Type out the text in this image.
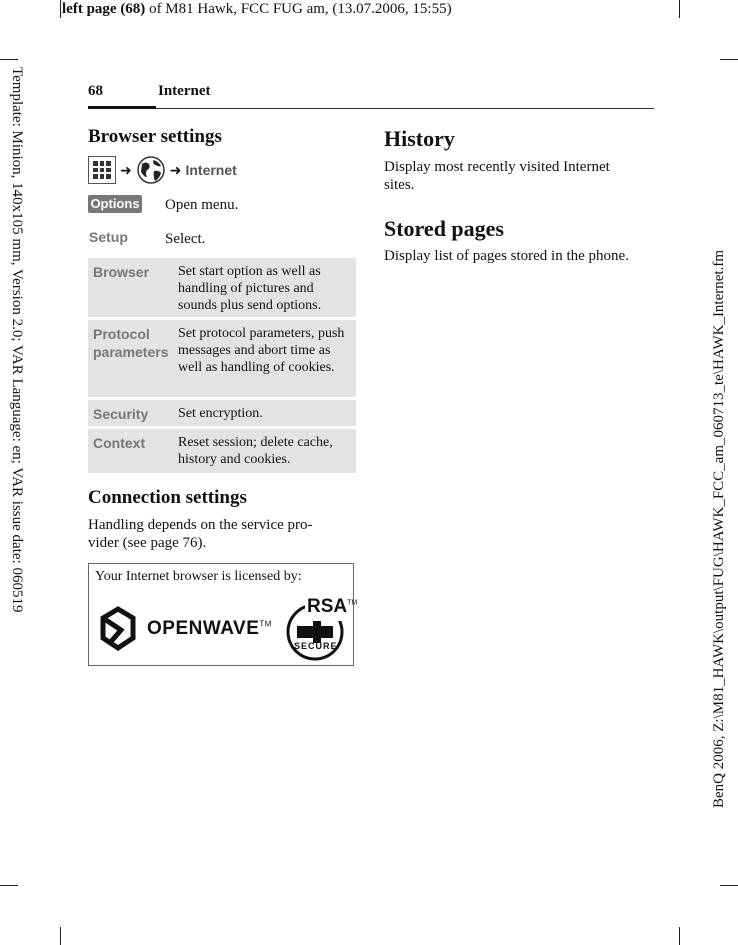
left page (68) of M81 Hawk, FCC FUG am, (13.07.2006, 15:55)
Template: Minion, 140x105 mm, Version 2.0; VAR Language: en; VAR issue date: 060519	BenQ 2006, Z:\M81_HAWK\output\FUG\HAWK_FCC_am_060713_te\HAWK_Internet.fm
68	Internet
Browser settings
➜	➜ Internet
Options Open menu.
Setup Select.
Browser Set start option as well as handling of pictures and sounds plus send options.
Protocol parameters
Set protocol parameters, push messages and abort time as well as handling of cookies.
Security Set encryption.
Context Reset session; delete cache, history and cookies.
Connection settings
Handling depends on the service pro-vider (see page 76).
Your Internet browser is licensed by:
OPENWAVE™
RSA™
SECURE
History
Display most recently visited Internet sites.
Stored pages
Display list of pages stored in the phone.
